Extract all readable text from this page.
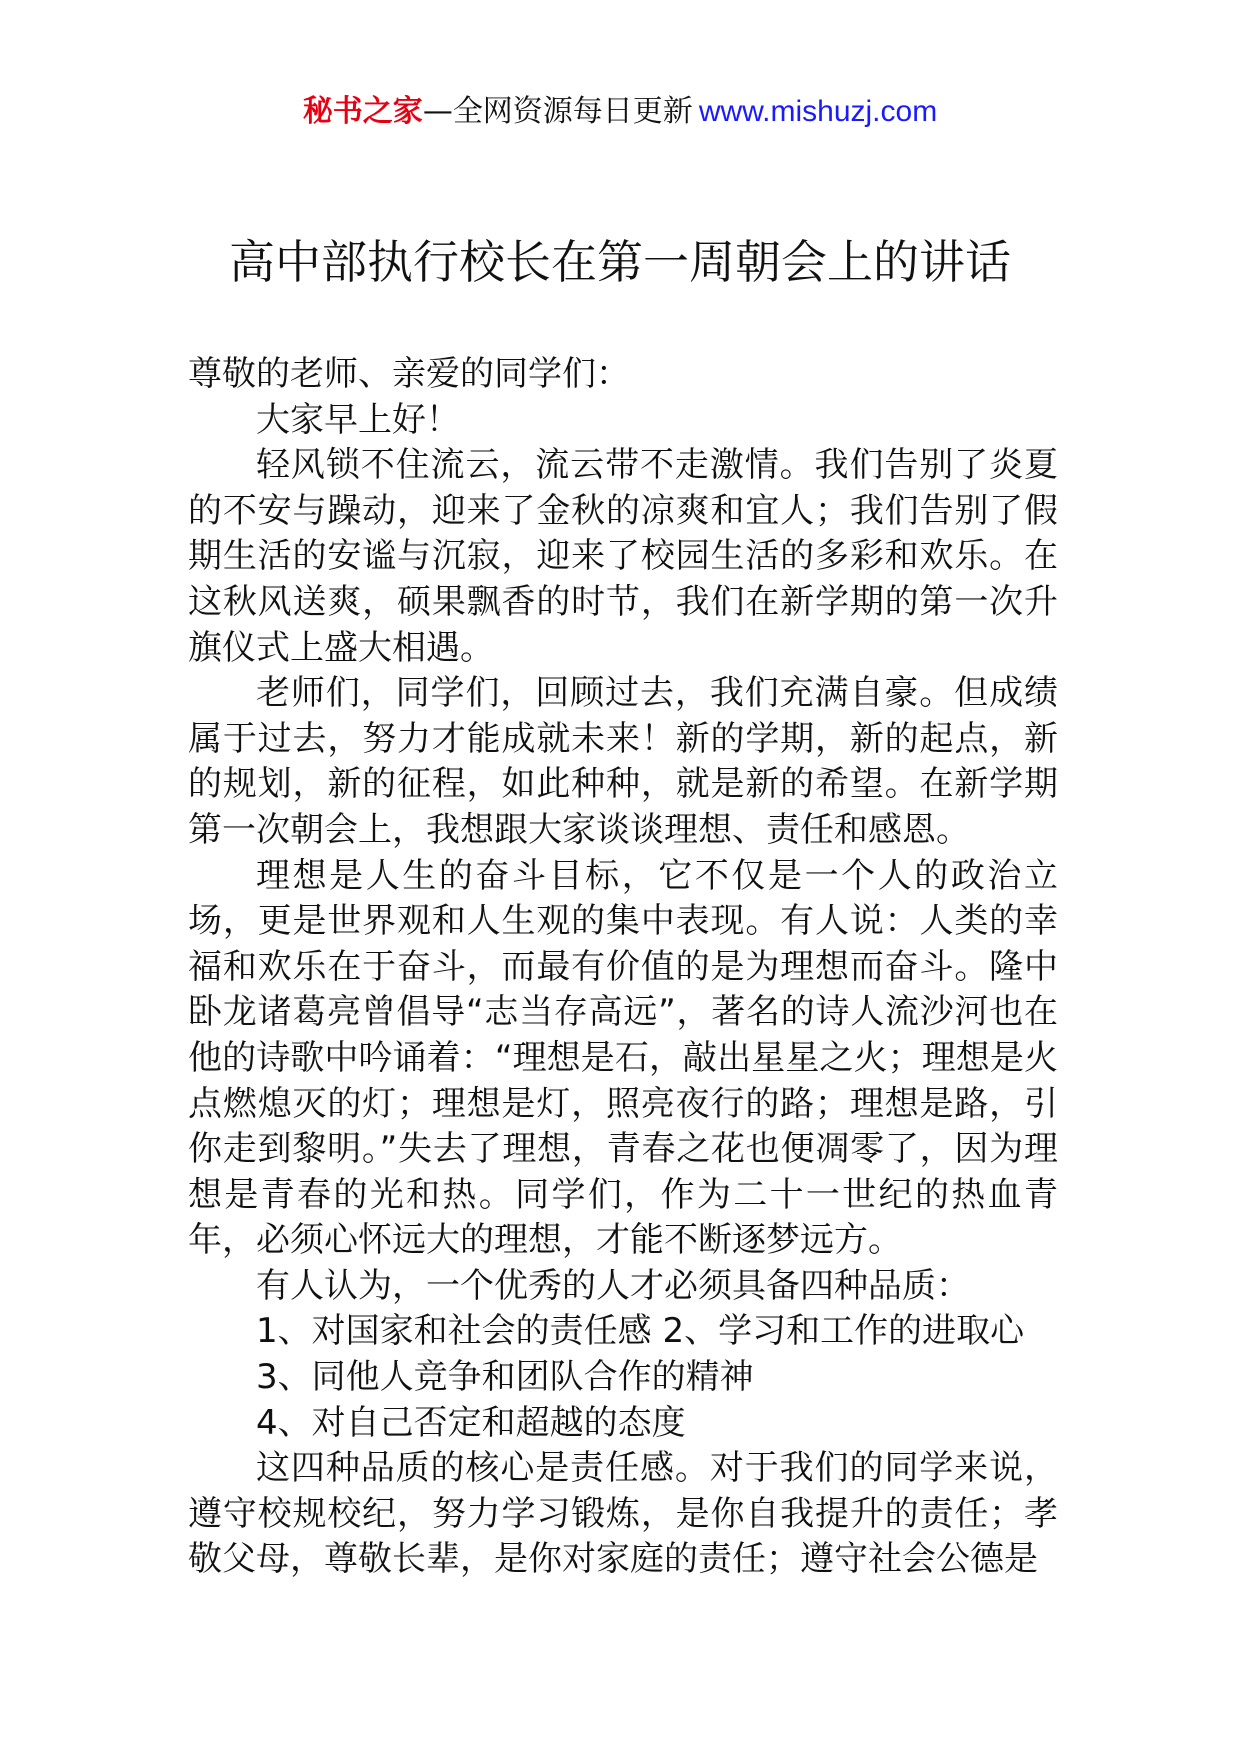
秘书之家—全网资源每日更新 www.mishuzj.com
高中部执行校长在第一周朝会上的讲话

尊敬的老师、亲爱的同学们：

大家早上好！

轻风锁不住流云，流云带不走激情。我们告别了炎夏的不安与躁动，迎来了金秋的凉爽和宜人；我们告别了假期生活的安谧与沉寂，迎来了校园生活的多彩和欢乐。在这秋风送爽，硕果飘香的时节，我们在新学期的第一次升旗仪式上盛大相遇。

老师们，同学们，回顾过去，我们充满自豪。但成绩属于过去，努力才能成就未来！新的学期，新的起点，新的规划，新的征程，如此种种，就是新的希望。在新学期第一次朝会上，我想跟大家谈谈理想、责任和感恩。

理想是人生的奋斗目标，它不仅是一个人的政治立场，更是世界观和人生观的集中表现。有人说：人类的幸福和欢乐在于奋斗，而最有价值的是为理想而奋斗。隆中卧龙诸葛亮曾倡导“志当存高远”，著名的诗人流沙河也在他的诗歌中吟诵着：“理想是石，敲出星星之火；理想是火点燃熄灭的灯；理想是灯，照亮夜行的路；理想是路，引你走到黎明。”失去了理想，青春之花也便凋零了，因为理想是青春的光和热。同学们，作为二十一世纪的热血青年，必须心怀远大的理想，才能不断逐梦远方。

有人认为，一个优秀的人才必须具备四种品质：

1、对国家和社会的责任感 2、学习和工作的进取心

3、同他人竞争和团队合作的精神

4、对自己否定和超越的态度

这四种品质的核心是责任感。对于我们的同学来说，遵守校规校纪，努力学习锻炼，是你自我提升的责任；孝敬父母，尊敬长辈，是你对家庭的责任；遵守社会公德是
